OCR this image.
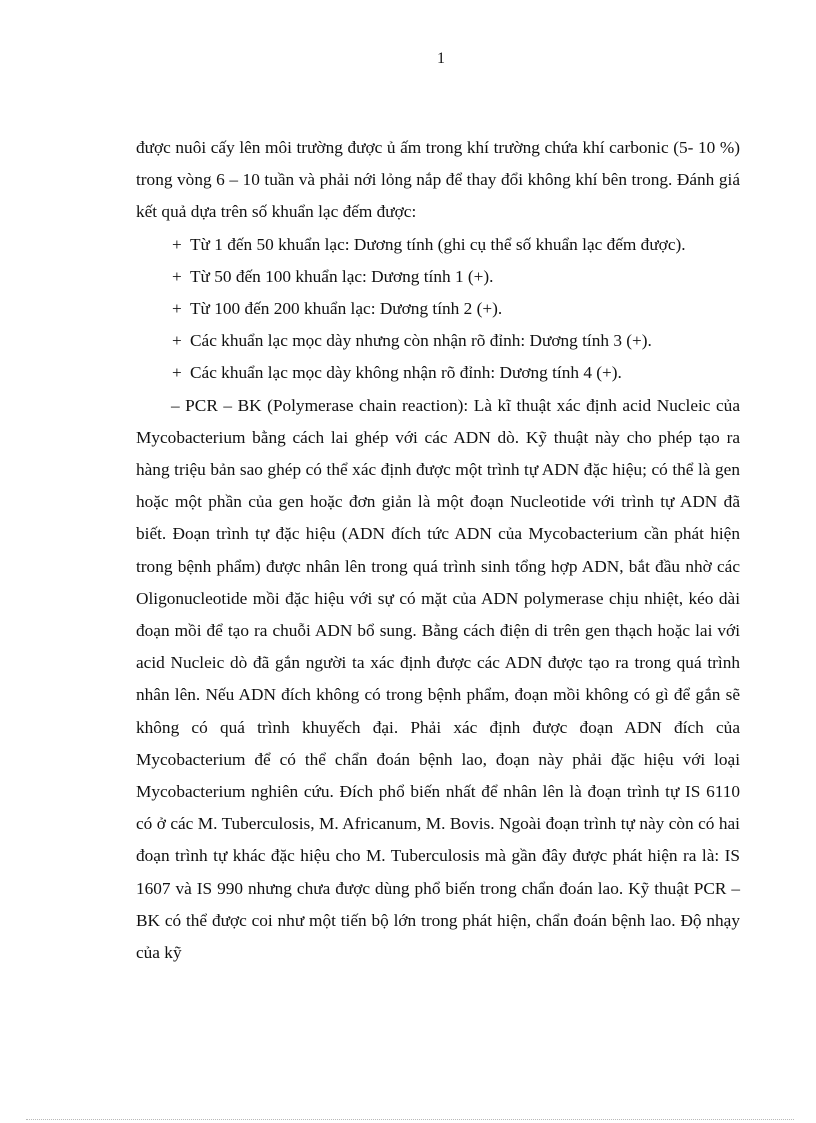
1

được nuôi cấy lên môi trường được ủ ấm trong khí trường chứa khí carbonic (5- 10 %) trong vòng 6 – 10 tuần và phải nới lỏng nắp để thay đổi không khí bên trong. Đánh giá kết quả dựa trên số khuẩn lạc đếm được:

+ Từ 1 đến 50 khuẩn lạc: Dương tính (ghi cụ thể số khuẩn lạc đếm được).
+ Từ 50 đến 100 khuẩn lạc: Dương tính 1 (+).
+ Từ 100 đến 200 khuẩn lạc: Dương tính 2 (+).
+ Các khuẩn lạc mọc dày nhưng còn nhận rõ đỉnh: Dương tính 3 (+).
+ Các khuẩn lạc mọc dày không nhận rõ đỉnh: Dương tính 4 (+).

– PCR – BK (Polymerase chain reaction): Là kĩ thuật xác định acid Nucleic của Mycobacterium bằng cách lai ghép với các ADN dò. Kỹ thuật này cho phép tạo ra hàng triệu bản sao ghép có thể xác định được một trình tự ADN đặc hiệu; có thể là gen hoặc một phần của gen hoặc đơn giản là một đoạn Nucleotide với trình tự ADN đã biết. Đoạn trình tự đặc hiệu (ADN đích tức ADN của Mycobacterium cần phát hiện trong bệnh phẩm) được nhân lên trong quá trình sinh tổng hợp ADN, bắt đầu nhờ các Oligonucleotide mồi đặc hiệu với sự có mặt của ADN polymerase chịu nhiệt, kéo dài đoạn mồi để tạo ra chuỗi ADN bổ sung. Bằng cách điện di trên gen thạch hoặc lai với acid Nucleic dò đã gắn người ta xác định được các ADN được tạo ra trong quá trình nhân lên. Nếu ADN đích không có trong bệnh phẩm, đoạn mồi không có gì để gắn sẽ không có quá trình khuyếch đại. Phải xác định được đoạn ADN đích của Mycobacterium để có thể chẩn đoán bệnh lao, đoạn này phải đặc hiệu với loại Mycobacterium nghiên cứu. Đích phổ biến nhất để nhân lên là đoạn trình tự IS 6110 có ở các M. Tuberculosis, M. Africanum, M. Bovis. Ngoài đoạn trình tự này còn có hai đoạn trình tự khác đặc hiệu cho M. Tuberculosis mà gần đây được phát hiện ra là: IS 1607 và IS 990 nhưng chưa được dùng phổ biến trong chẩn đoán lao. Kỹ thuật PCR – BK có thể được coi như một tiến bộ lớn trong phát hiện, chẩn đoán bệnh lao. Độ nhạy của kỹ
